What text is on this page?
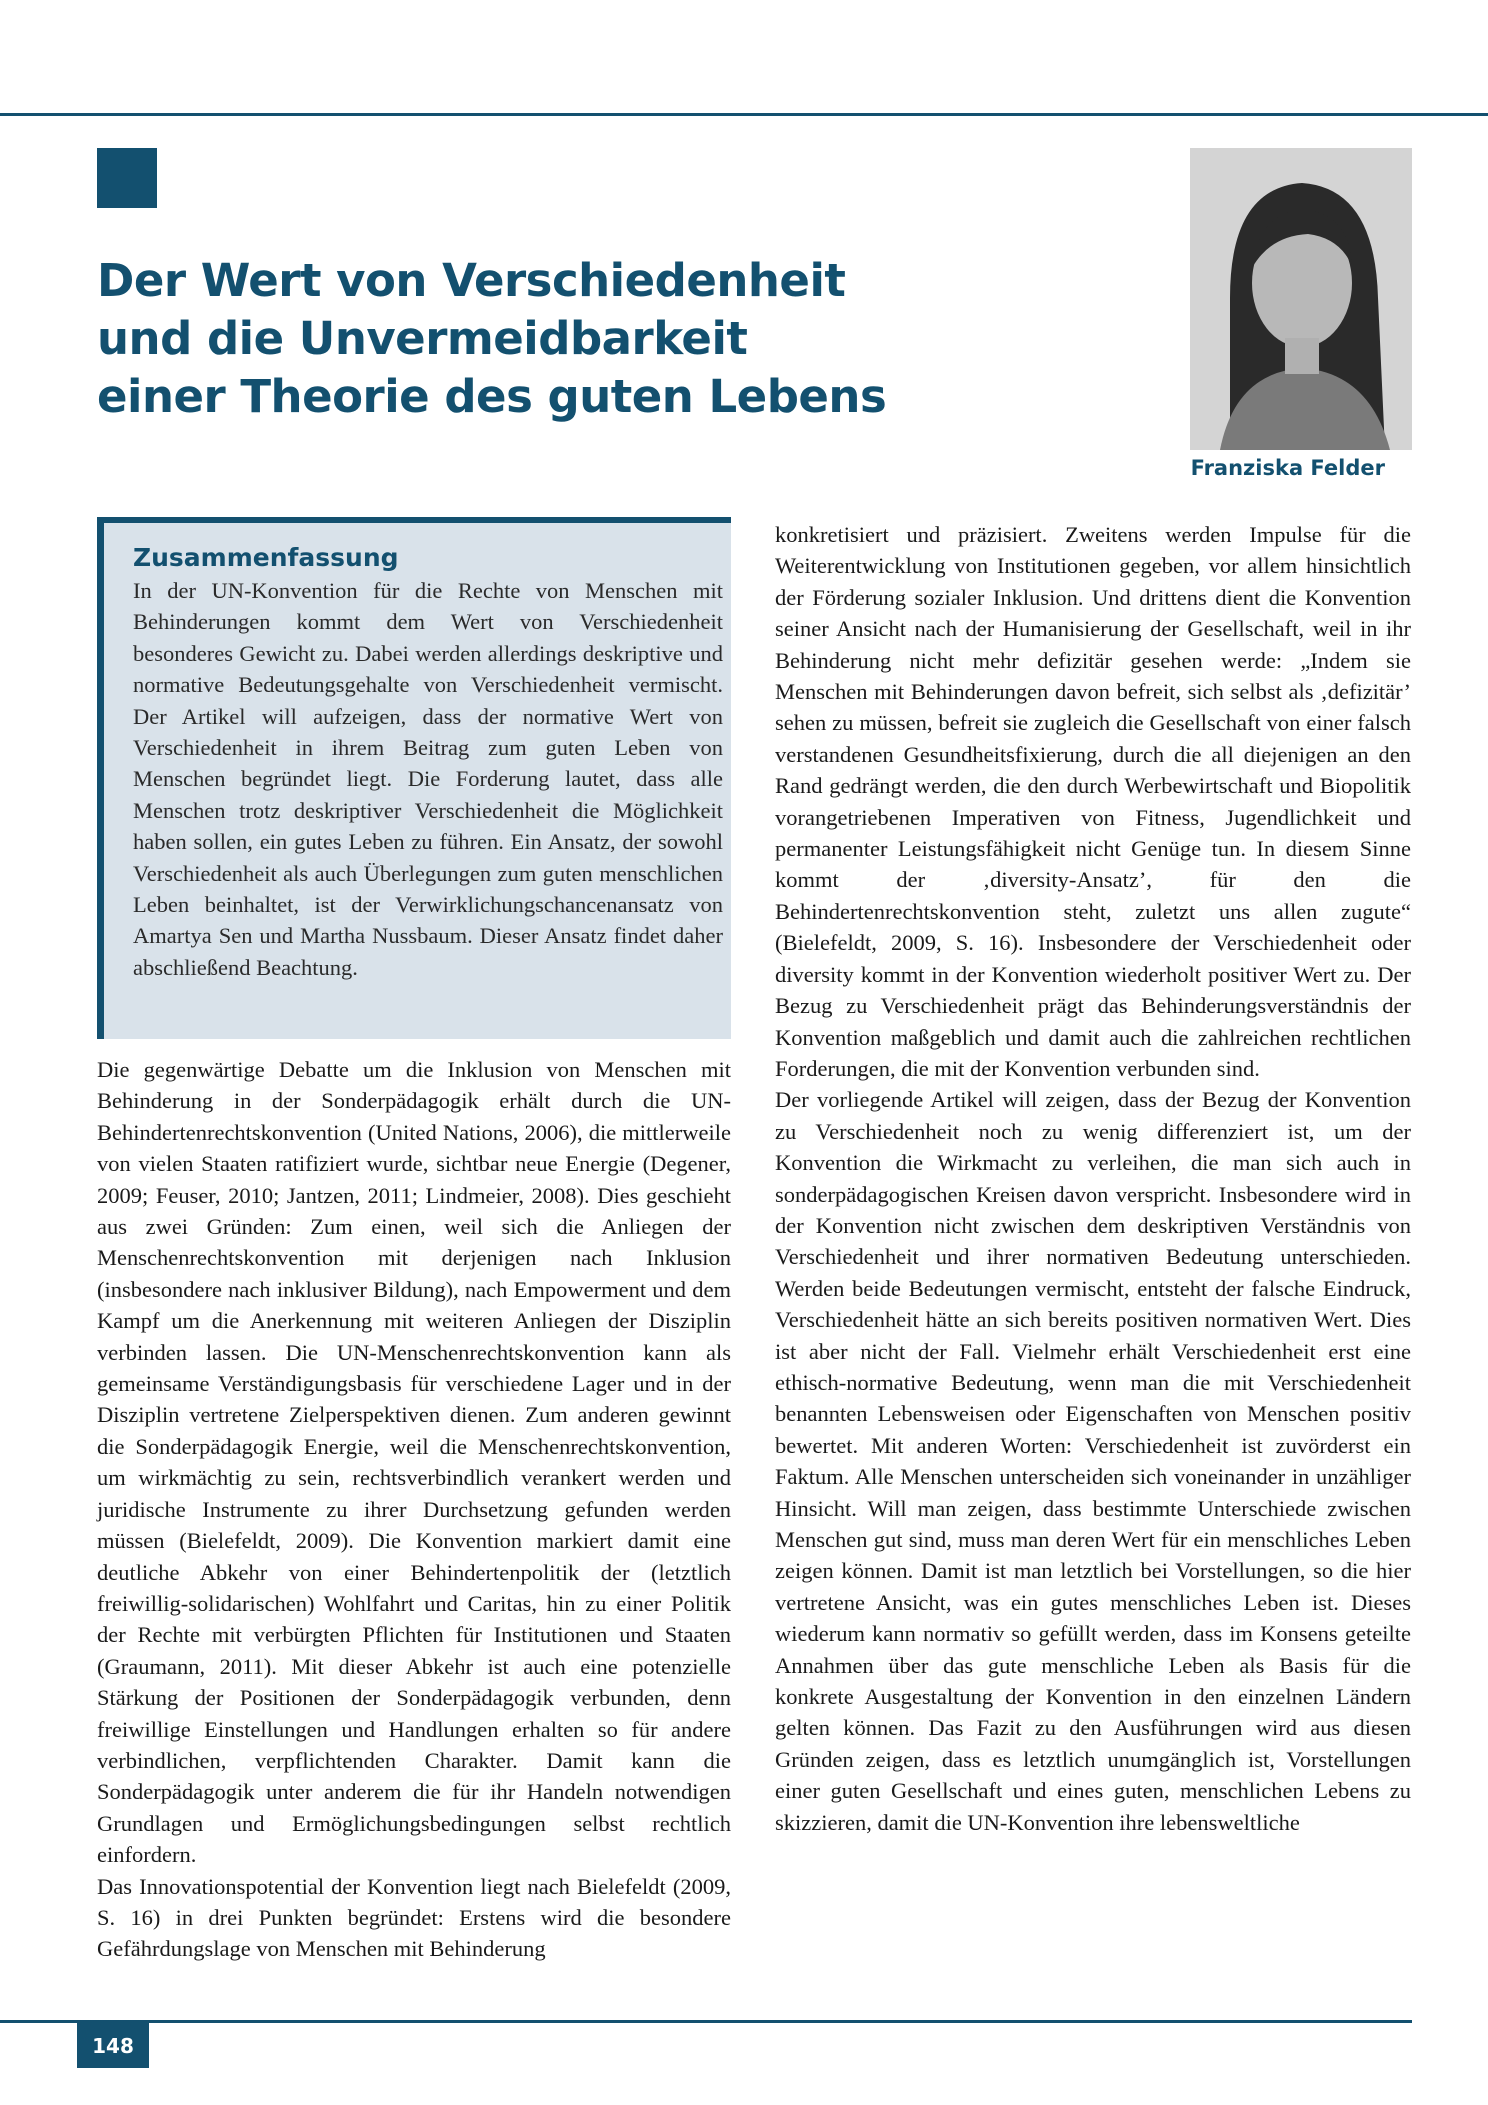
Der Wert von Verschiedenheit
und die Unvermeidbarkeit
einer Theorie des guten Lebens
Franziska Felder
Zusammenfassung

In der UN-Konvention für die Rechte von Menschen mit Behinderungen kommt dem Wert von Verschiedenheit besonderes Gewicht zu. Dabei werden allerdings deskriptive und normative Bedeutungsgehalte von Verschiedenheit vermischt. Der Artikel will aufzeigen, dass der normative Wert von Verschiedenheit in ihrem Beitrag zum guten Leben von Menschen begründet liegt. Die Forderung lautet, dass alle Menschen trotz deskriptiver Verschiedenheit die Möglichkeit haben sollen, ein gutes Leben zu führen. Ein Ansatz, der sowohl Verschiedenheit als auch Überlegungen zum guten menschlichen Leben beinhaltet, ist der Verwirklichungschancenansatz von Amartya Sen und Martha Nussbaum. Dieser Ansatz findet daher abschließend Beachtung.

Die gegenwärtige Debatte um die Inklusion von Menschen mit Behinderung in der Sonderpädagogik erhält durch die UN-Behindertenrechtskonvention (United Nations, 2006), die mittlerweile von vielen Staaten ratifiziert wurde, sichtbar neue Energie (Degener, 2009; Feuser, 2010; Jantzen, 2011; Lindmeier, 2008). Dies geschieht aus zwei Gründen: Zum einen, weil sich die Anliegen der Menschenrechtskonvention mit derjenigen nach Inklusion (insbesondere nach inklusiver Bildung), nach Empowerment und dem Kampf um die Anerkennung mit weiteren Anliegen der Disziplin verbinden lassen. Die UN-Menschenrechtskonvention kann als gemeinsame Verständigungsbasis für verschiedene Lager und in der Disziplin vertretene Zielperspektiven dienen. Zum anderen gewinnt die Sonderpädagogik Energie, weil die Menschenrechtskonvention, um wirkmächtig zu sein, rechtsverbindlich verankert werden und juridische Instrumente zu ihrer Durchsetzung gefunden werden müssen (Bielefeldt, 2009). Die Konvention markiert damit eine deutliche Abkehr von einer Behindertenpolitik der (letztlich freiwillig-solidarischen) Wohlfahrt und Caritas, hin zu einer Politik der Rechte mit verbürgten Pflichten für Institutionen und Staaten (Graumann, 2011). Mit dieser Abkehr ist auch eine potenzielle Stärkung der Positionen der Sonderpädagogik verbunden, denn freiwillige Einstellungen und Handlungen erhalten so für andere verbindlichen, verpflichtenden Charakter. Damit kann die Sonderpädagogik unter anderem die für ihr Handeln notwendigen Grundlagen und Ermöglichungsbedingungen selbst rechtlich einfordern.

Das Innovationspotential der Konvention liegt nach Bielefeldt (2009, S. 16) in drei Punkten begründet: Erstens wird die besondere Gefährdungslage von Menschen mit Behinderung

konkretisiert und präzisiert. Zweitens werden Impulse für die Weiterentwicklung von Institutionen gegeben, vor allem hinsichtlich der Förderung sozialer Inklusion. Und drittens dient die Konvention seiner Ansicht nach der Humanisierung der Gesellschaft, weil in ihr Behinderung nicht mehr defizitär gesehen werde: „Indem sie Menschen mit Behinderungen davon befreit, sich selbst als ‚defizitär’ sehen zu müssen, befreit sie zugleich die Gesellschaft von einer falsch verstandenen Gesundheitsfixierung, durch die all diejenigen an den Rand gedrängt werden, die den durch Werbewirtschaft und Biopolitik vorangetriebenen Imperativen von Fitness, Jugendlichkeit und permanenter Leistungsfähigkeit nicht Genüge tun. In diesem Sinne kommt der ‚diversity-Ansatz’, für den die Behindertenrechtskonvention steht, zuletzt uns allen zugute“ (Bielefeldt, 2009, S. 16). Insbesondere der Verschiedenheit oder diversity kommt in der Konvention wiederholt positiver Wert zu. Der Bezug zu Verschiedenheit prägt das Behinderungsverständnis der Konvention maßgeblich und damit auch die zahlreichen rechtlichen Forderungen, die mit der Konvention verbunden sind.

Der vorliegende Artikel will zeigen, dass der Bezug der Konvention zu Verschiedenheit noch zu wenig differenziert ist, um der Konvention die Wirkmacht zu verleihen, die man sich auch in sonderpädagogischen Kreisen davon verspricht. Insbesondere wird in der Konvention nicht zwischen dem deskriptiven Verständnis von Verschiedenheit und ihrer normativen Bedeutung unterschieden. Werden beide Bedeutungen vermischt, entsteht der falsche Eindruck, Verschiedenheit hätte an sich bereits positiven normativen Wert. Dies ist aber nicht der Fall. Vielmehr erhält Verschiedenheit erst eine ethisch-normative Bedeutung, wenn man die mit Verschiedenheit benannten Lebensweisen oder Eigenschaften von Menschen positiv bewertet. Mit anderen Worten: Verschiedenheit ist zuvörderst ein Faktum. Alle Menschen unterscheiden sich voneinander in unzähliger Hinsicht. Will man zeigen, dass bestimmte Unterschiede zwischen Menschen gut sind, muss man deren Wert für ein menschliches Leben zeigen können. Damit ist man letztlich bei Vorstellungen, so die hier vertretene Ansicht, was ein gutes menschliches Leben ist. Dieses wiederum kann normativ so gefüllt werden, dass im Konsens geteilte Annahmen über das gute menschliche Leben als Basis für die konkrete Ausgestaltung der Konvention in den einzelnen Ländern gelten können. Das Fazit zu den Ausführungen wird aus diesen Gründen zeigen, dass es letztlich unumgänglich ist, Vorstellungen einer guten Gesellschaft und eines guten, menschlichen Lebens zu skizzieren, damit die UN-Konvention ihre lebensweltliche

148
